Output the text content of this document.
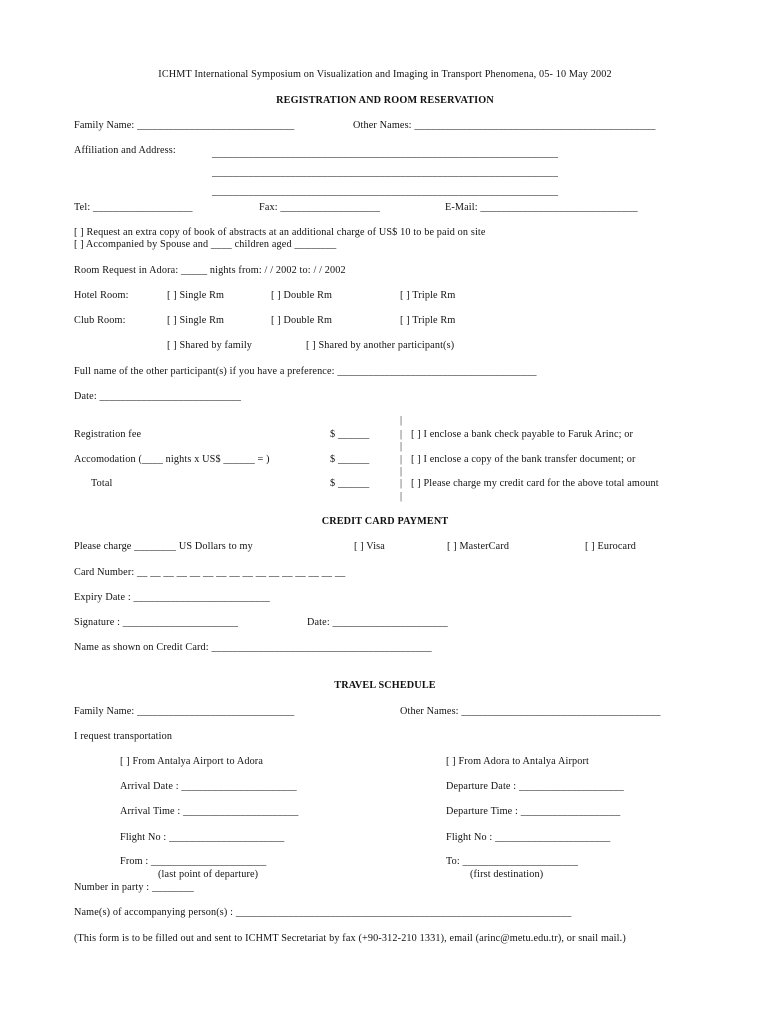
ICHMT International Symposium on Visualization and Imaging in Transport Phenomena, 05- 10 May 2002
REGISTRATION AND ROOM RESERVATION
Family Name: ______________________________	Other Names: ______________________________________________
Affiliation and Address:	__________________________________________________________________
__________________________________________________________________
__________________________________________________________________
Tel: ___________________	Fax: ___________________	E-Mail: ______________________________
[ ] Request an extra copy of book of abstracts at an additional charge of US$ 10 to be paid on site
[ ] Accompanied by Spouse and ____ children aged ________
Room Request in Adora: _____ nights from: / / 2002 to: / / 2002
Hotel Room:	[ ] Single Rm	[ ] Double Rm	[ ] Triple Rm
Club Room:	[ ] Single Rm	[ ] Double Rm	[ ] Triple Rm
[ ] Shared by family	[ ] Shared by another participant(s)
Full name of the other participant(s) if you have a preference: ______________________________________
Date: ___________________________
|
Registration fee	$ ______	| [ ] I enclose a bank check payable to Faruk Arinc; or
|
Accomodation (____ nights x US$ ______ = )	$ ______	| [ ] I enclose a copy of the bank transfer document; or
|
Total	$ ______	| [ ] Please charge my credit card for the above total amount
|
CREDIT CARD PAYMENT
Please charge ________ US Dollars to my	[ ] Visa	[ ] MasterCard	[ ] Eurocard
Card Number: __ __ __ __ __ __ __ __ __ __ __ __ __ __ __ __
Expiry Date : __________________________
Signature : ______________________	Date: ______________________
Name as shown on Credit Card: __________________________________________
TRAVEL SCHEDULE
Family Name: ______________________________	Other Names: ______________________________________
I request transportation
[ ] From Antalya Airport to Adora	[ ] From Adora to Antalya Airport
Arrival Date : ______________________	Departure Date : ____________________
Arrival Time : ______________________	Departure Time : ___________________
Flight No : ______________________	Flight No : ______________________
From : ______________________	To: ______________________
(last point of departure)	(first destination)
Number in party : ________
Name(s) of accompanying person(s) : ________________________________________________________________
(This form is to be filled out and sent to ICHMT Secretariat by fax (+90-312-210 1331), email (arinc@metu.edu.tr), or snail mail.)
